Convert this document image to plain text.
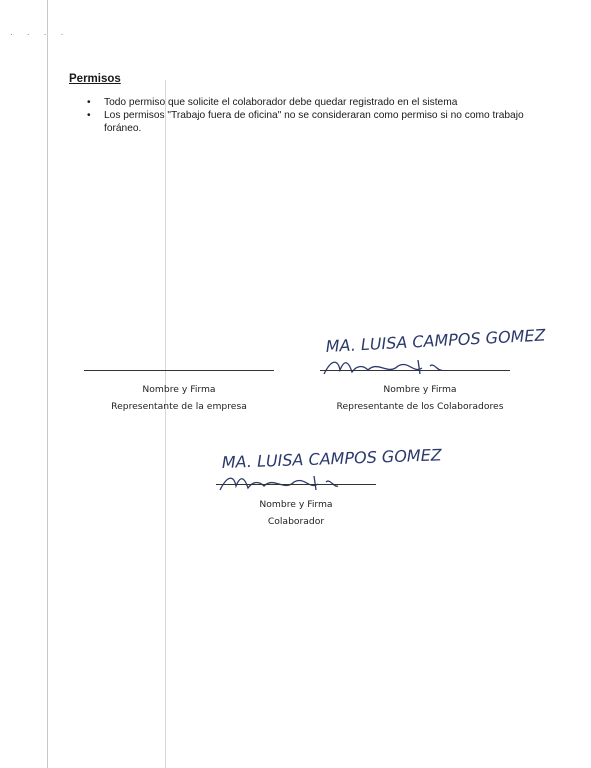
· · · ·
Permisos

• Todo permiso que solicite el colaborador debe quedar registrado en el sistema

• Los permisos "Trabajo fuera de oficina" no se consideraran como permiso si no como trabajo foráneo.

Nombre y Firma
Representante de la empresa
MA. LUISA CAMPOS GOMEZ
Nombre y Firma
Representante de los Colaboradores
MA. LUISA CAMPOS GOMEZ
Nombre y Firma
Colaborador
